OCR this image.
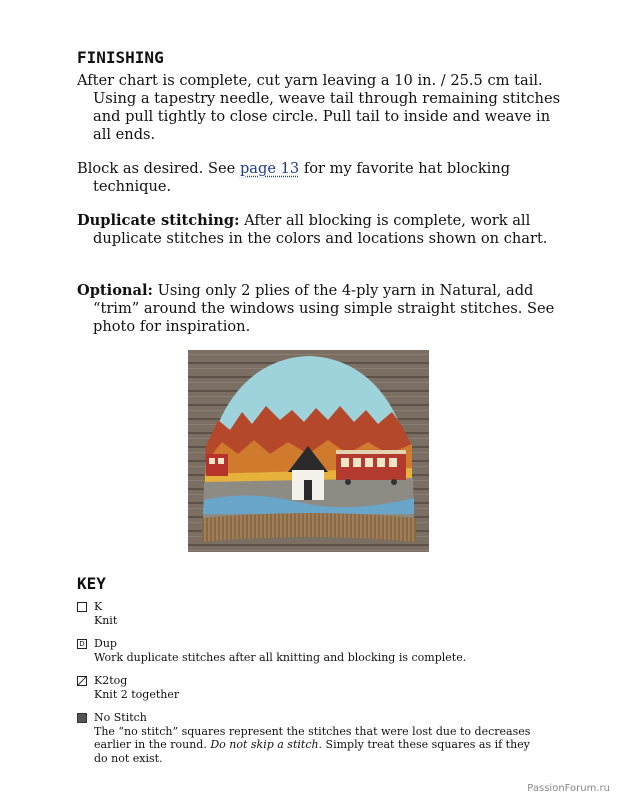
FINISHING

After chart is complete, cut yarn leaving a 10 in. / 25.5 cm tail. Using a tapestry needle, weave tail through remaining stitches and pull tightly to close circle. Pull tail to inside and weave in all ends.

Block as desired. See page 13 for my favorite hat blocking technique.

Duplicate stitching: After all blocking is complete, work all duplicate stitches in the colors and locations shown on chart.

Optional: Using only 2 plies of the 4-ply yarn in Natural, add “trim” around the windows using simple straight stitches. See photo for inspiration.

KEY
K
Knit
D Dup
Work duplicate stitches after all knitting and blocking is complete.
K2tog
Knit 2 together
No Stitch
The “no stitch” squares represent the stitches that were lost due to decreases earlier in the round. Do not skip a stitch. Simply treat these squares as if they do not exist.
PassionForum.ru
